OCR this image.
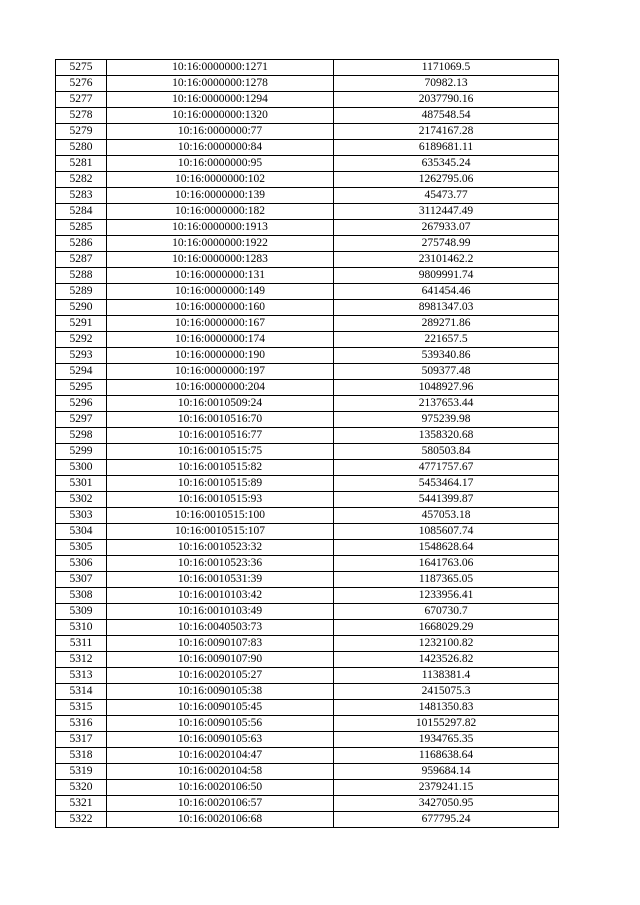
5275	10:16:0000000:1271	1171069.5
5276	10:16:0000000:1278	70982.13
5277	10:16:0000000:1294	2037790.16
5278	10:16:0000000:1320	487548.54
5279	10:16:0000000:77	2174167.28
5280	10:16:0000000:84	6189681.11
5281	10:16:0000000:95	635345.24
5282	10:16:0000000:102	1262795.06
5283	10:16:0000000:139	45473.77
5284	10:16:0000000:182	3112447.49
5285	10:16:0000000:1913	267933.07
5286	10:16:0000000:1922	275748.99
5287	10:16:0000000:1283	23101462.2
5288	10:16:0000000:131	9809991.74
5289	10:16:0000000:149	641454.46
5290	10:16:0000000:160	8981347.03
5291	10:16:0000000:167	289271.86
5292	10:16:0000000:174	221657.5
5293	10:16:0000000:190	539340.86
5294	10:16:0000000:197	509377.48
5295	10:16:0000000:204	1048927.96
5296	10:16:0010509:24	2137653.44
5297	10:16:0010516:70	975239.98
5298	10:16:0010516:77	1358320.68
5299	10:16:0010515:75	580503.84
5300	10:16:0010515:82	4771757.67
5301	10:16:0010515:89	5453464.17
5302	10:16:0010515:93	5441399.87
5303	10:16:0010515:100	457053.18
5304	10:16:0010515:107	1085607.74
5305	10:16:0010523:32	1548628.64
5306	10:16:0010523:36	1641763.06
5307	10:16:0010531:39	1187365.05
5308	10:16:0010103:42	1233956.41
5309	10:16:0010103:49	670730.7
5310	10:16:0040503:73	1668029.29
5311	10:16:0090107:83	1232100.82
5312	10:16:0090107:90	1423526.82
5313	10:16:0020105:27	1138381.4
5314	10:16:0090105:38	2415075.3
5315	10:16:0090105:45	1481350.83
5316	10:16:0090105:56	10155297.82
5317	10:16:0090105:63	1934765.35
5318	10:16:0020104:47	1168638.64
5319	10:16:0020104:58	959684.14
5320	10:16:0020106:50	2379241.15
5321	10:16:0020106:57	3427050.95
5322	10:16:0020106:68	677795.24
